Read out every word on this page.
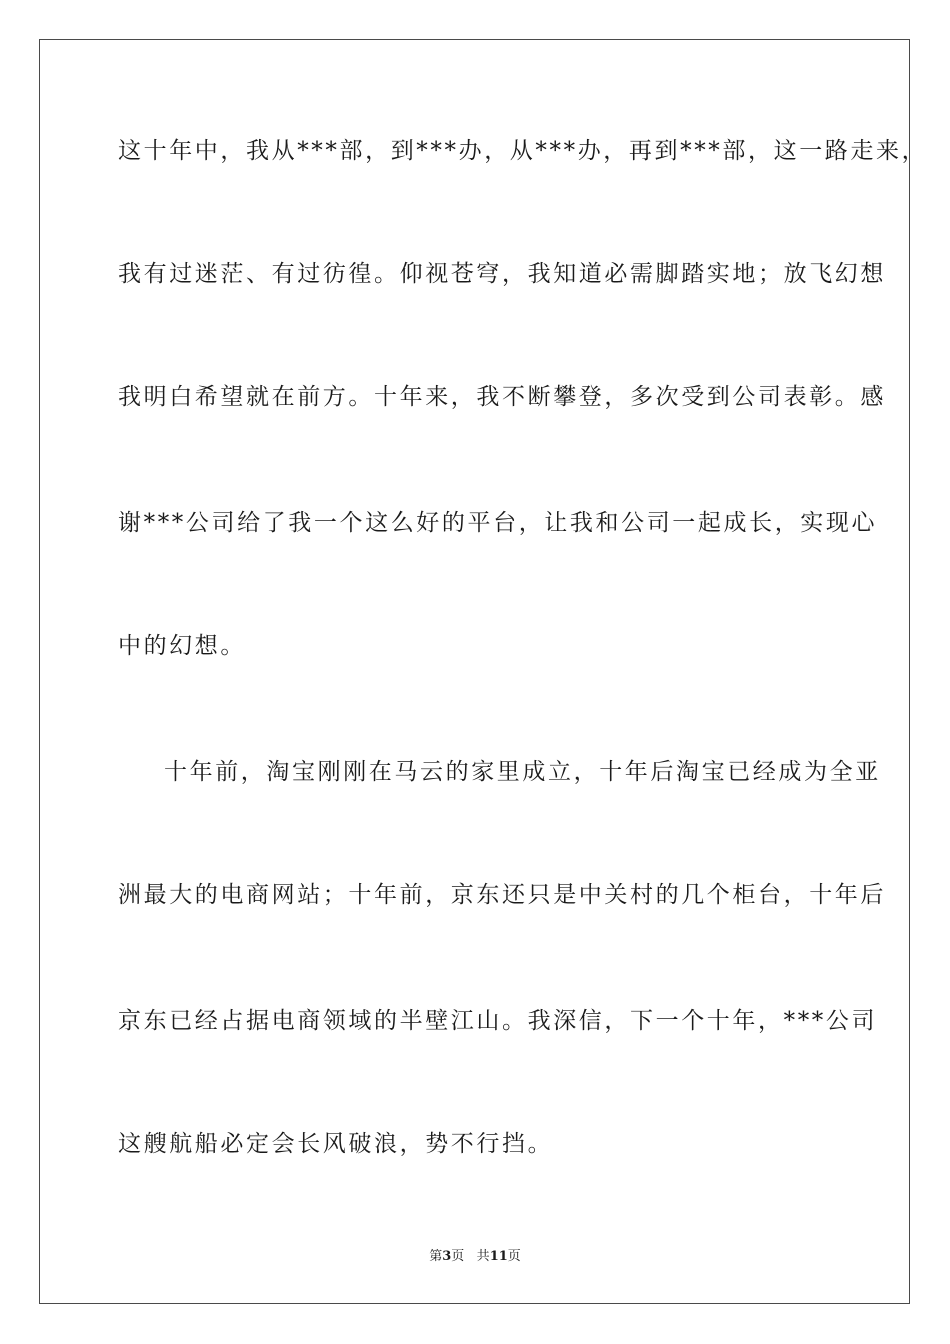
这十年中，我从***部，到***办，从***办，再到***部，这一路走来，
我有过迷茫、有过彷徨。仰视苍穹，我知道必需脚踏实地；放飞幻想
我明白希望就在前方。十年来，我不断攀登，多次受到公司表彰。感
谢***公司给了我一个这么好的平台，让我和公司一起成长，实现心
中的幻想。
十年前，淘宝刚刚在马云的家里成立，十年后淘宝已经成为全亚
洲最大的电商网站；十年前，京东还只是中关村的几个柜台，十年后
京东已经占据电商领域的半壁江山。我深信，下一个十年，***公司
这艘航船必定会长风破浪，势不行挡。
第3页 共11页
